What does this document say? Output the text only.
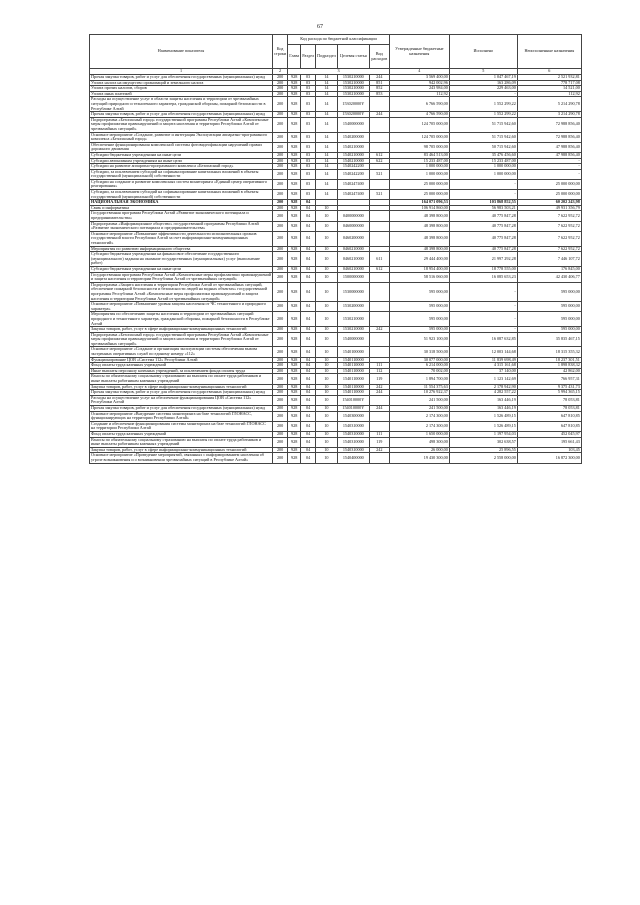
67
Наименование показателя	Код строки	Код расхода по бюджетной классификации					Утвержденные бюджетные назначения	Исполнено	Неисполненные назначения
		Глава	Раздел	Подраздел	Целевая статья	Вид расходов			
1	2	3					4	5	6
Прочая закупка товаров, работ и услуг для обеспечения государственных (муниципальных) нужд	200	928	03	14	1530210000	244	3 569 400,00	1 047 467,19	2 521 932,81
Уплата налога на имущество организаций и земельного налога	200	928	03	14	1530210000	851	942 002,96	163 286,09	778 717,08
Уплата прочих налогов, сборов	200	928	03	14	1530210000	852	243 984,00	229 463,00	14 521,00
Уплата иных платежей	200	928	03	14	1530210000	853	112,92	-	112,92
Расходы на осуществление услуг в области защиты населения и территории от чрезвычайных ситуаций природного и техногенного характера, гражданской обороны, пожарной безопасности в Республике Алтай	200	928	03	14	153020000Y		6 766 590,00	1 552 299,22	5 214 290,78
Прочая закупка товаров, работ и услуг для обеспечения государственных (муниципальных) нужд	200	928	03	14	153020000Y	244	4 766 590,00	1 552 299,22	3 214 290,78
Подпрограмма «Безопасный город» государственной программы Республики Алтай «Комплексные меры профилактики правонарушений и защита населения и территории Республики Алтай от чрезвычайных ситуаций»	200	928	03	14	1540000000		124 705 000,00	51 715 942,60	72 988 856,40
Основное мероприятие «Создание, развитие и интеграция Эксплуатации аппаратно-программного комплекса «Безопасный город»	200	928	03	14	1540200000		124 705 000,00	51 715 942,60	72 988 856,40
Обеспечение функционирования комплексной системы фотовидеофиксации нарушений правил дорожного движения	200	928	03	14	1540210000		98 705 000,00	50 715 942,60	47 988 856,40
Субсидии бюджетным учреждениям на иные цели	200	928	03	14	1540210000	612	83 464 513,00	35 476 456,60	47 988 856,40
Субсидии автономным учреждениям на иные цели	200	928	03	14	1540210000	622	15 233 487,00	15 233 487,00	-
Субсидии на развитие аппаратно-программного комплекса «Безопасный город»	200	928	03	14	1540242200		1 000 000,00	1 000 000,00	-
Субсидии, за исключением субсидий на софинансирование капитальных вложений в объекты государственной (муниципальной) собственности	200	928	03	14	1540242200	521	1 000 000,00	1 000 000,00	-
Субсидии на создание и развитие комплексных систем мониторинга «Единый центр оперативного реагирования»	200	928	03	14	1540247400		25 000 000,00	-	25 000 000,00
Субсидии, за исключением субсидий на софинансирование капитальных вложений в объекты государственной (муниципальной) собственности	200	928	03	14	1540247400	521	25 000 000,00	-	25 000 000,00
НАЦИОНАЛЬНАЯ ЭКОНОМИКА	200	928	04				164 071 096,53	103 868 852,55	60 202 243,98
Связь и информатика	200	928	04	10			106 914 860,00	56 983 503,21	49 931 356,79
Государственная программа Республики Алтай «Развитие экономического потенциала и предпринимательства»	200	928	04	10	0400000000		48 398 800,00	40 775 847,28	7 622 952,72
Подпрограмма «Информационное общество» государственной программы Республики Алтай «Развитие экономического потенциала и предпринимательства»	200	928	04	10	0460000000		48 398 800,00	40 775 847,28	7 622 952,72
Основное мероприятие «Повышение эффективности деятельности исполнительных органов государственной власти Республики Алтай за счет информационно-коммуникационных технологий»	200	928	04	10	0460200000		48 398 800,00	40 775 847,28	7 622 952,72
Мероприятия по развитию информационного общества	200	928	04	10	0460210000		48 398 800,00	40 775 847,28	7 622 952,72
Субсидии бюджетным учреждениям на финансовое обеспечение государственного (муниципального) задания на оказание государственных (муниципальных) услуг (выполнение работ)	200	928	04	10	0460210000	611	29 444 400,00	21 997 292,28	7 446 107,72
Субсидии бюджетным учреждениям на иные цели	200	928	04	10	0460210000	612	18 954 400,00	18 778 555,00	176 845,00
Государственная программа Республики Алтай «Комплексные меры профилактики правонарушений и защита населения и территории Республики Алтай от чрезвычайных ситуаций»	200	928	04	10	1500000000		58 516 060,00	16 085 653,23	42 430 406,77
Подпрограмма «Защита населения и территории Республики Алтай от чрезвычайных ситуаций, обеспечение пожарной безопасности и безопасности людей на водных объектах» государственной программы Республики Алтай «Комплексные меры профилактики правонарушений и защита населения и территории Республики Алтай от чрезвычайных ситуаций»	200	928	04	10	1530000000		595 000,00	-	595 000,00
Основное мероприятие «Повышение уровня защиты населения от ЧС техногенного и природного характера»	200	928	04	10	1530200000		595 000,00	-	595 000,00
Мероприятия по обеспечению защиты населения и территории от чрезвычайных ситуаций природного и техногенного характера, гражданской обороны, пожарной безопасности в Республике Алтай	200	928	04	10	1530210000		595 000,00	-	595 000,00
Закупка товаров, работ, услуг в сфере информационно-коммуникационных технологий	200	928	04	10	1530210000	242	595 000,00	-	595 000,00
Подпрограмма «Безопасный город» государственной программы Республики Алтай «Комплексные меры профилактики правонарушений и защита населения и территории Республики Алтай от чрезвычайных ситуаций»	200	928	04	10	1540000000		51 923 100,00	16 087 632,85	35 835 467,15
Основное мероприятие «Создание и организация эксплуатации системы обеспечения вызова экстренных оперативных служб по единому номеру «112»	200	928	04	10	1540100000		30 318 500,00	12 003 144,68	18 315 355,32
Функционирование ЦОВ «Система 112» Республики Алтай	200	928	04	10	1540110000		30 077 000,00	11 839 698,49	18 237 301,51
Фонд оплаты труда казенных учреждений	200	928	04	10	1540110000	111	6 214 000,00	4 315 161,68	1 898 838,32
Иные выплаты персоналу казенных учреждений, за исключением фонда оплаты труда	200	928	04	10	1540110000	112	70 002,00	37 140,00	42 862,00
Взносы по обязательному социальному страхованию на выплаты по оплате труда работников и иные выплаты работникам казенных учреждений	200	928	04	10	1540110000	119	1 894 700,00	1 123 142,69	766 957,31
Закупка товаров, работ, услуг в сфере информационно-коммуникационных технологий	200	928	04	10	1540110000	242	11 554 375,63	2 178 942,90	9 375 431,73
Прочая закупка товаров, работ и услуг для обеспечения государственных (муниципальных) нужд	200	928	04	10	1540110000	244	10 276 922,37	4 282 557,22	5 994 365,15
Расходы на осуществление услуг на обеспечение функционирования ЦОВ «Система 112» Республики Алтай	200	928	04	10	154010000Y		241 500,00	163 446,19	78 053,81
Прочая закупка товаров, работ и услуг для обеспечения государственных (муниципальных) нужд	200	928	04	10	154010000Y	244	241 500,00	163 446,19	78 053,81
Основное мероприятие «Внедрение системы мониторинга на базе технологий ГЛОНАСС, функционирующих на территории Республики Алтай»	200	928	04	10	1540300000		2 174 300,00	1 526 489,15	647 810,85
Создание и обеспечение функционирования системы мониторинга на базе технологий ГЛОНАСС на территории Республики Алтай	200	928	04	10	1540310000		2 174 300,00	1 526 489,15	647 810,85
Фонд оплаты труда казенных учреждений	200	928	04	10	1540310000	111	1 650 000,00	1 197 954,03	452 045,97
Взносы по обязательному социальному страхованию на выплаты по оплате труда работников и иные выплаты работникам казенных учреждений	200	928	04	10	1540310000	119	498 300,00	302 638,57	195 661,43
Закупка товаров, работ, услуг в сфере информационно-коммуникационных технологий	200	928	04	10	1540310000	242	26 000,00	25 896,55	103,45
Основное мероприятие «Проведение мероприятий, связанных с информированием населения об угрозе возникновения и о возникновении чрезвычайных ситуаций в Республике Алтай»	200	928	04	10	1540400000		19 430 300,00	2 558 000,00	16 872 300,00
